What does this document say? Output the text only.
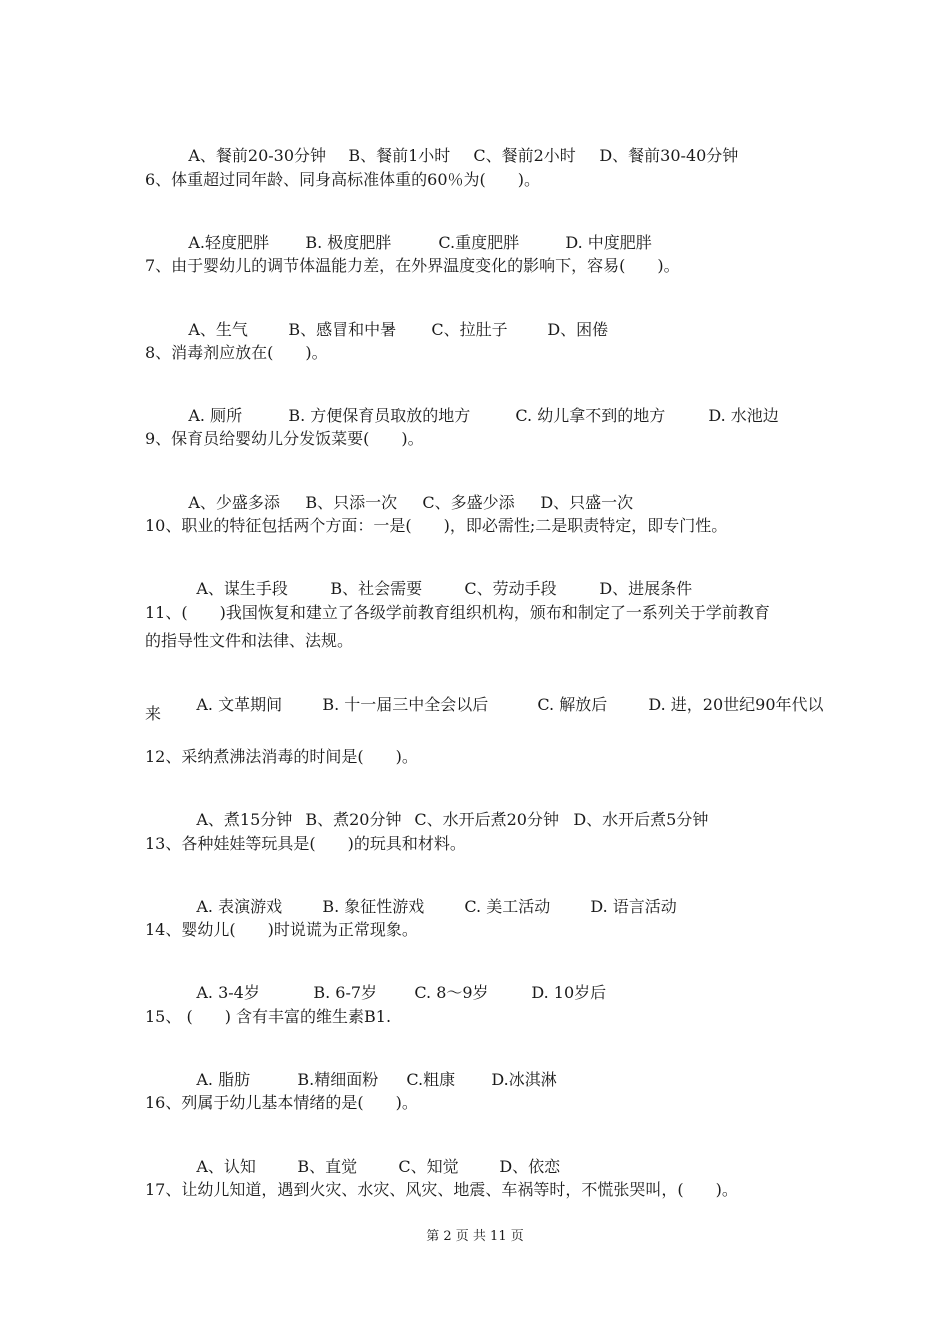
A、餐前20-30分钟 B、餐前1小时 C、餐前2小时 D、餐前30-40分钟

6、体重超过同年龄、同身高标准体重的60％为(　　)。

A.轻度肥胖 B. 极度肥胖	C.重度肥胖	D. 中度肥胖

7、由于婴幼儿的调节体温能力差，在外界温度变化的影响下，容易(　　)。

A、生气	B、感冒和中暑 C、拉肚子 D、困倦

8、消毒剂应放在(　　)。

A. 厕所	B. 方便保育员取放的地方	C. 幼儿拿不到的地方	D. 水池边

9、保育员给婴幼儿分发饭菜要(　　)。

A、少盛多添 B、只添一次 C、多盛少添 D、只盛一次

10、职业的特征包括两个方面：一是(　　)，即必需性;二是职责特定，即专门性。

A、谋生手段	B、社会需要	C、劳动手段	D、进展条件

11、(　　)我国恢复和建立了各级学前教育组织机构，颁布和制定了一系列关于学前教育
的指导性文件和法律、法规。

A. 文革期间	B. 十一届三中全会以后	C. 解放后	D. 进，20世纪90年代以

来
12、采纳煮沸法消毒的时间是(　　)。

A、煮15分钟 B、煮20分钟 C、水开后煮20分钟 D、水开后煮5分钟

13、各种娃娃等玩具是(　　)的玩具和材料。

A. 表演游戏	B. 象征性游戏	C. 美工活动	D. 语言活动

14、婴幼儿(　　)时说谎为正常现象。

A. 3-4岁	B. 6-7岁 C. 8～9岁	D. 10岁后

15、 (　　) 含有丰富的维生素B1.

A. 脂肪	B.精细面粉 C.粗康 D.冰淇淋

16、列属于幼儿基本情绪的是(　　)。

A、认知	B、直觉	C、知觉	D、依恋

17、让幼儿知道，遇到火灾、水灾、风灾、地震、车祸等时，不慌张哭叫，(　　)。
第 2 页 共 11 页
